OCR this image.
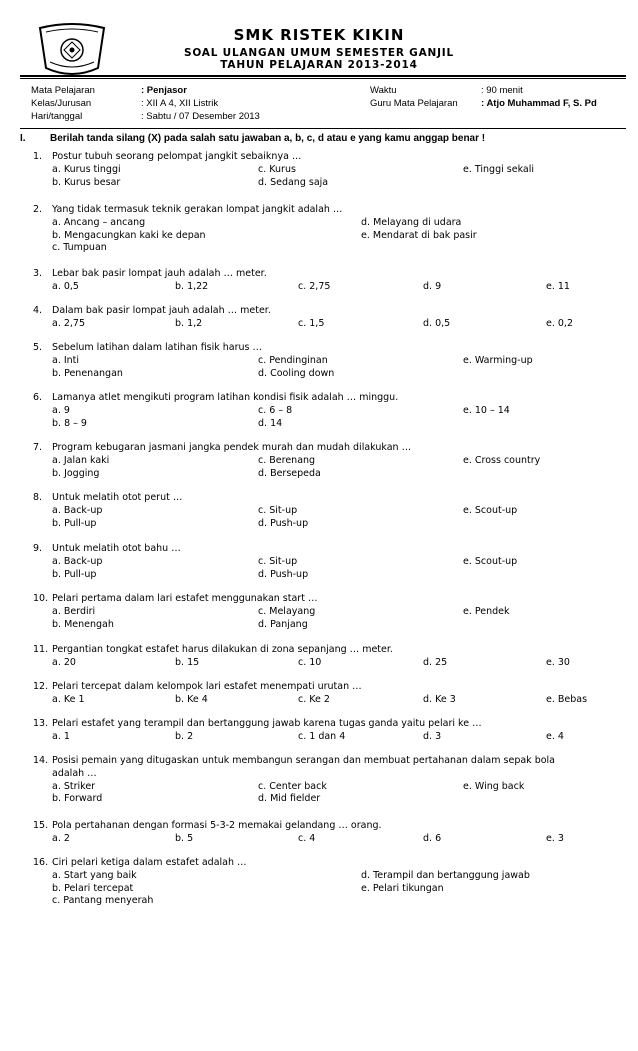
SMK RISTEK KIKIN
SOAL ULANGAN UMUM SEMESTER GANJIL
TAHUN PELAJARAN 2013-2014
Mata Pelajaran	: Penjasor
Kelas/Jurusan	: XII A 4, XII Listrik
Hari/tanggal	: Sabtu / 07 Desember 2013
Waktu	: 90 menit
Guru Mata Pelajaran : Atjo Muhammad F, S. Pd
I. Berilah tanda silang (X) pada salah satu jawaban a, b, c, d atau e yang kamu anggap benar !
1. Postur tubuh seorang pelompat jangkit sebaiknya …
a. Kurus tinggi	c. Kurus	e. Tinggi sekali
b. Kurus besar	d. Sedang saja
2. Yang tidak termasuk teknik gerakan lompat jangkit adalah …
a. Ancang – ancang	d. Melayang di udara
b. Mengacungkan kaki ke depan	e. Mendarat di bak pasir
c. Tumpuan
3. Lebar bak pasir lompat jauh adalah … meter.
a. 0,5	b. 1,22	c. 2,75	d. 9	e. 11
4. Dalam bak pasir lompat jauh adalah … meter.
a. 2,75	b. 1,2	c. 1,5	d. 0,5	e. 0,2
5. Sebelum latihan dalam latihan fisik harus …
a. Inti	c. Pendinginan	e. Warming-up
b. Penenangan	d. Cooling down
6. Lamanya atlet mengikuti program latihan kondisi fisik adalah … minggu.
a. 9	c. 6 – 8	e. 10 – 14
b. 8 – 9	d. 14
7. Program kebugaran jasmani jangka pendek murah dan mudah dilakukan …
a. Jalan kaki	c. Berenang	e. Cross country
b. Jogging	d. Bersepeda
8. Untuk melatih otot perut …
a. Back-up	c. Sit-up	e. Scout-up
b. Pull-up	d. Push-up
9. Untuk melatih otot bahu …
a. Back-up	c. Sit-up	e. Scout-up
b. Pull-up	d. Push-up
10. Pelari pertama dalam lari estafet menggunakan start …
a. Berdiri	c. Melayang	e. Pendek
b. Menengah	d. Panjang
11. Pergantian tongkat estafet harus dilakukan di zona sepanjang … meter.
a. 20	b. 15	c. 10	d. 25	e. 30
12. Pelari tercepat dalam kelompok lari estafet menempati urutan …
a. Ke 1	b. Ke 4	c. Ke 2	d. Ke 3	e. Bebas
13. Pelari estafet yang terampil dan bertanggung jawab karena tugas ganda yaitu pelari ke …
a. 1	b. 2	c. 1 dan 4	d. 3	e. 4
14. Posisi pemain yang ditugaskan untuk membangun serangan dan membuat pertahanan dalam sepak bola
adalah …
a. Striker	c. Center back	e. Wing back
b. Forward	d. Mid fielder
15. Pola pertahanan dengan formasi 5-3-2 memakai gelandang … orang.
a. 2	b. 5	c. 4	d. 6	e. 3
16. Ciri pelari ketiga dalam estafet adalah …
a. Start yang baik	d. Terampil dan bertanggung jawab
b. Pelari tercepat	e. Pelari tikungan
c. Pantang menyerah
